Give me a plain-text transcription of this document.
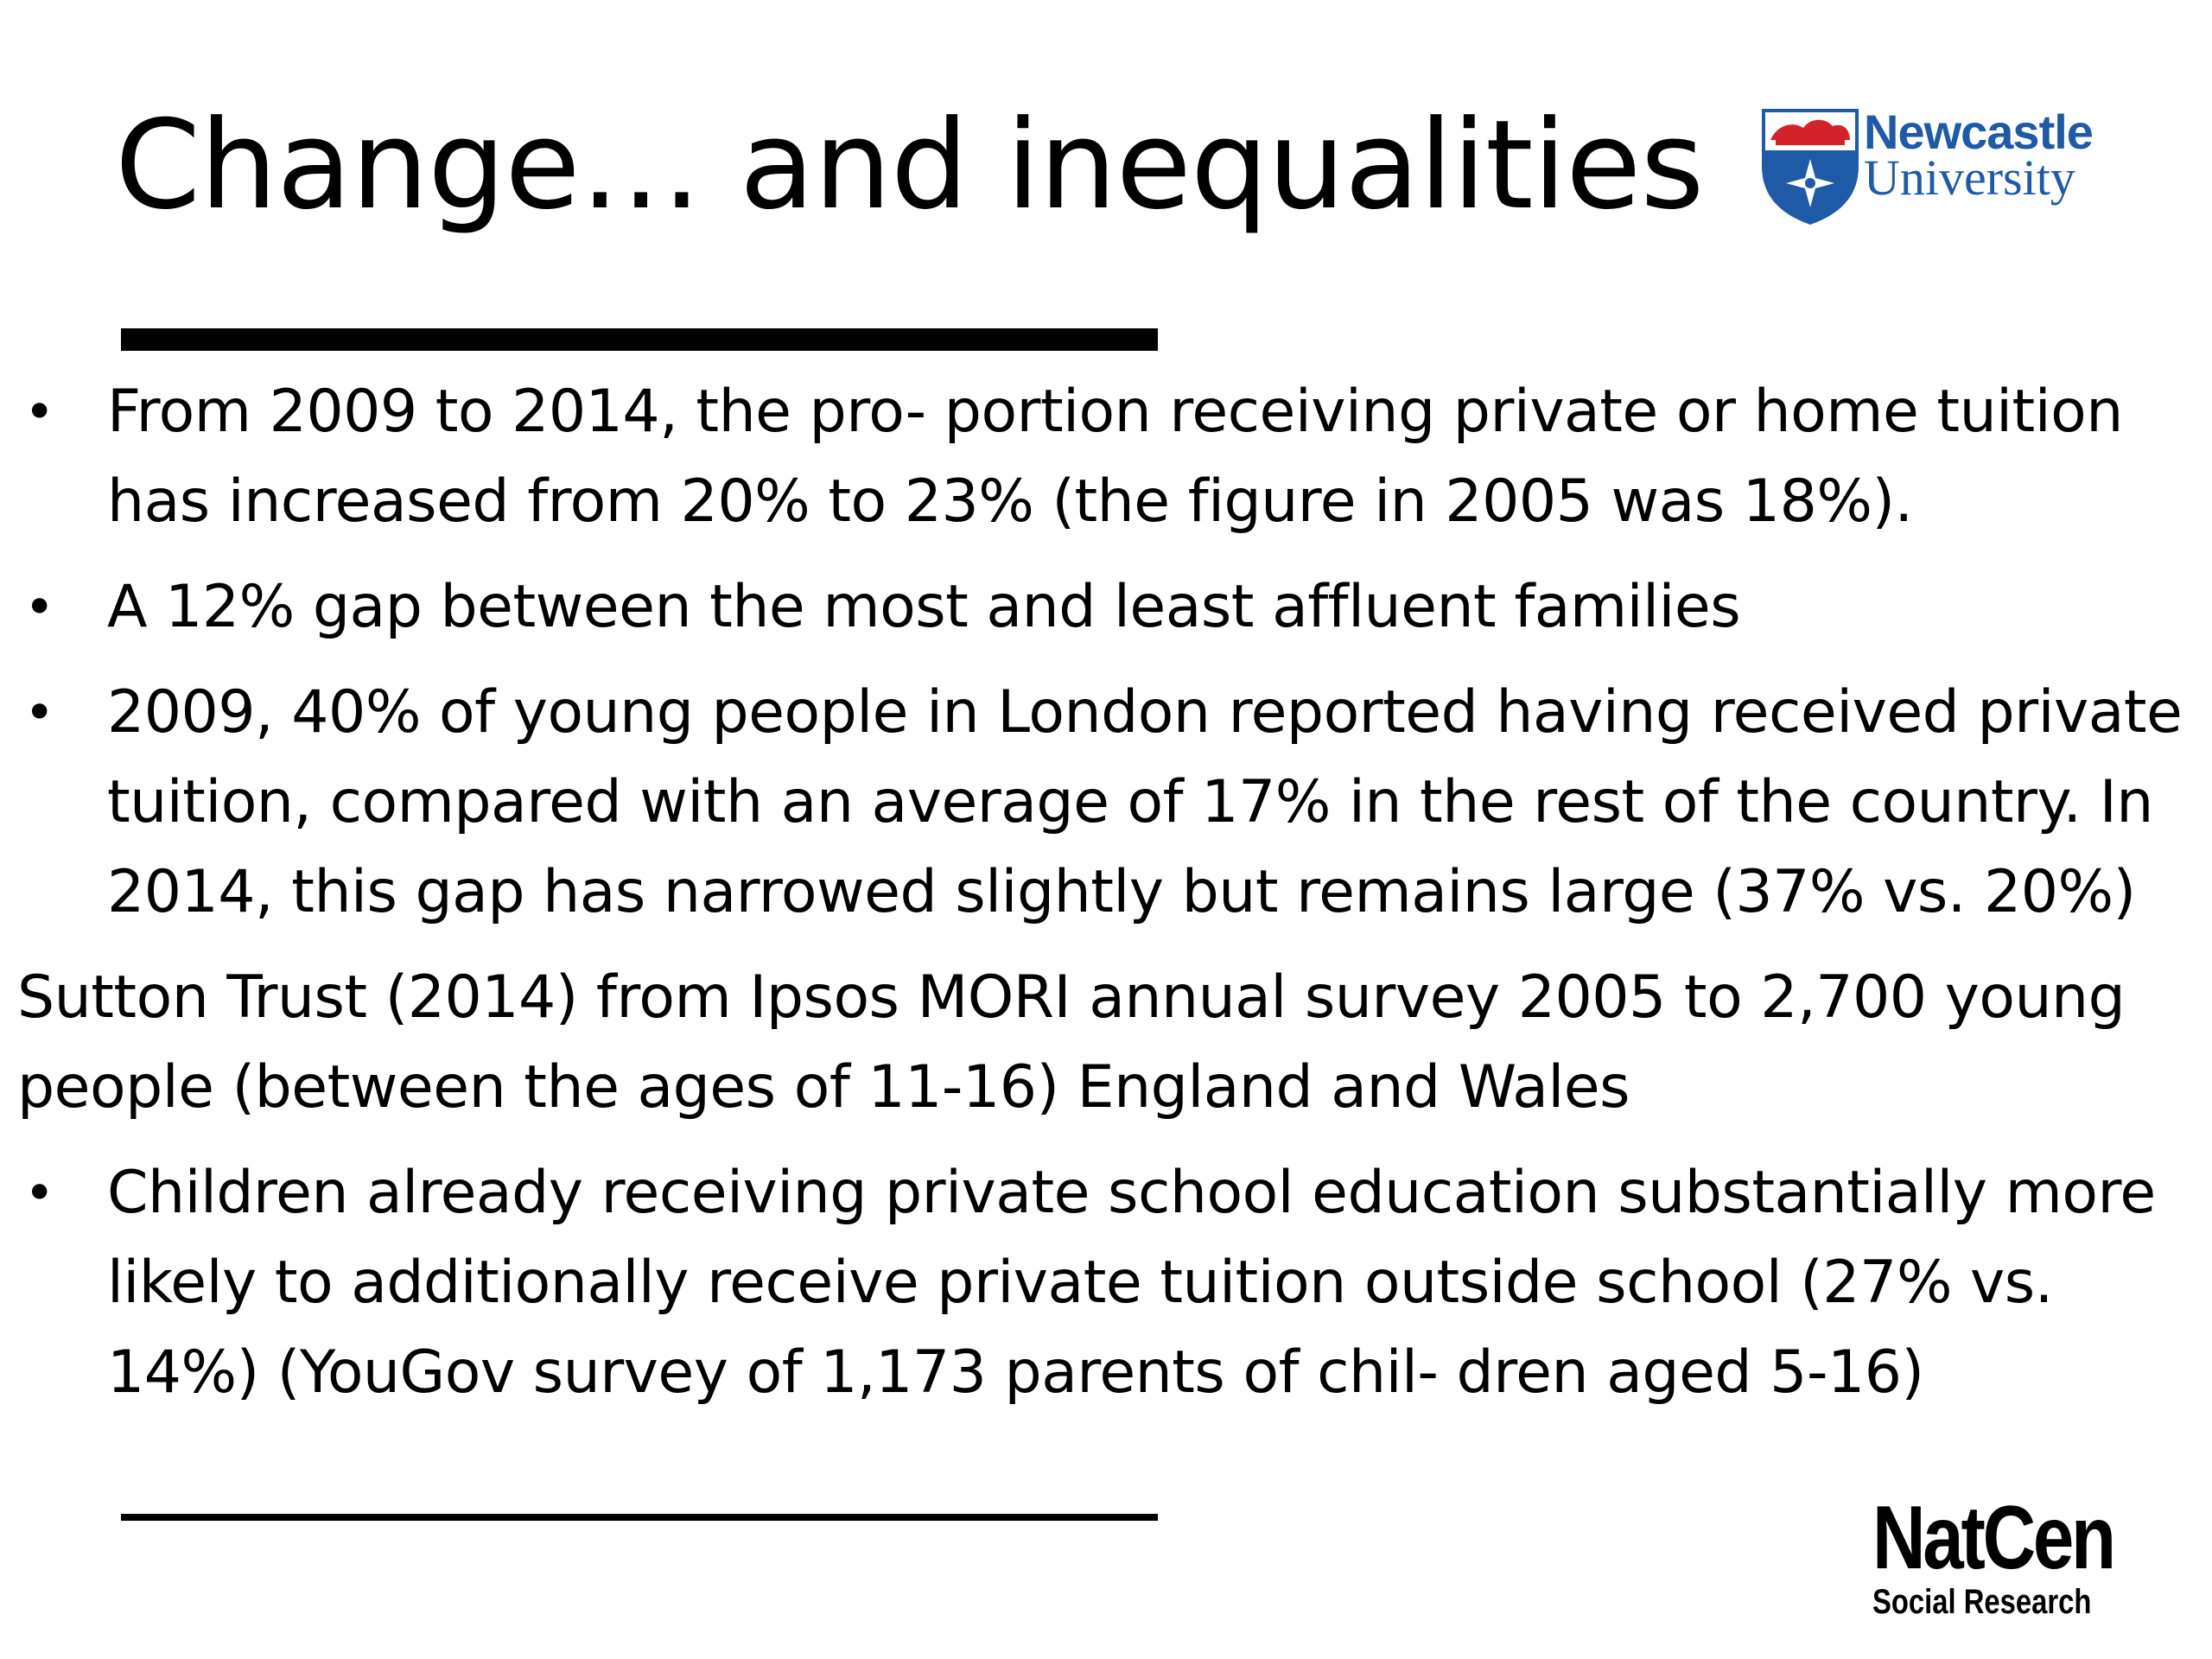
Change… and inequalities	Newcastle
University
• From 2009 to 2014, the pro- portion receiving private or home tuition has increased from 20% to 23% (the figure in 2005 was 18%).
• A 12% gap between the most and least affluent families
• 2009, 40% of young people in London reported having received private tuition, compared with an average of 17% in the rest of the country. In 2014, this gap has narrowed slightly but remains large (37% vs. 20%)
Sutton Trust (2014) from Ipsos MORI annual survey 2005 to 2,700 young people (between the ages of 11-16) England and Wales
• Children already receiving private school education substantially more likely to additionally receive private tuition outside school (27% vs. 14%) (YouGov survey of 1,173 parents of chil- dren aged 5-16)
NatCen
Social Research
